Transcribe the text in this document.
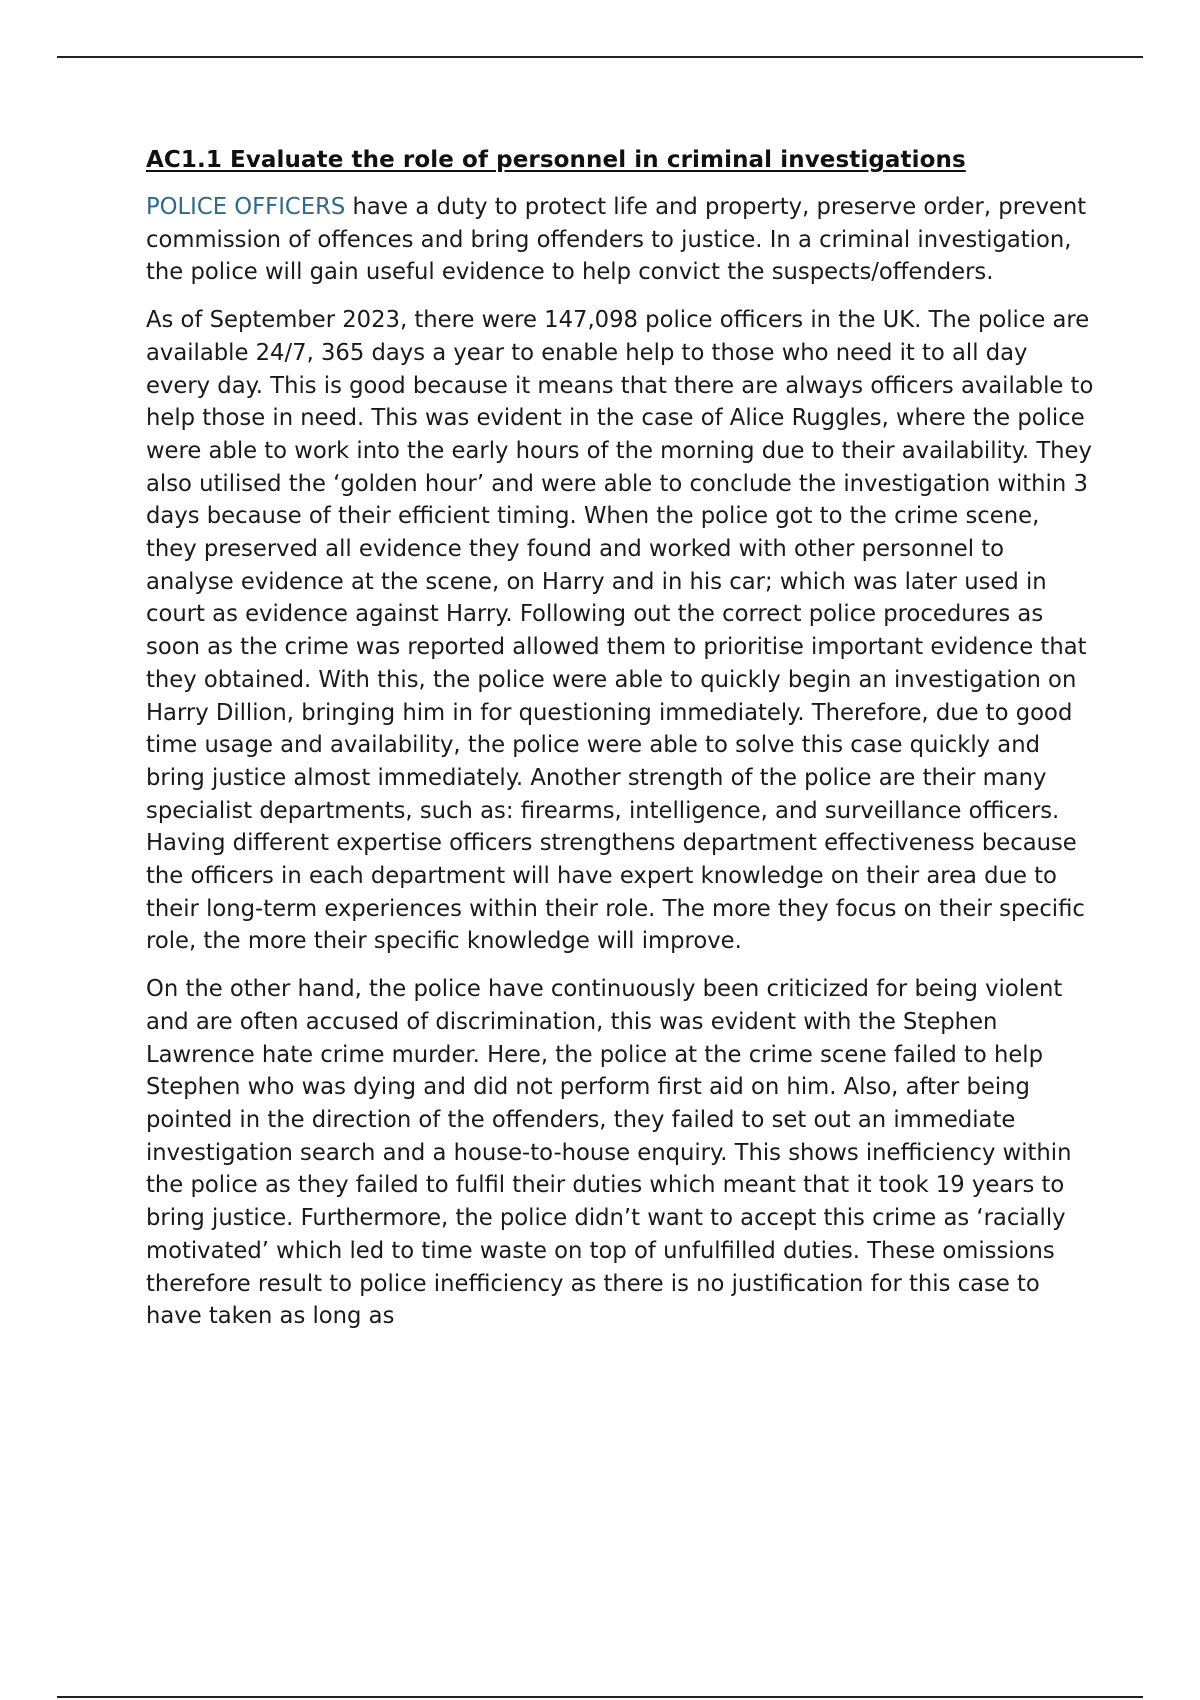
AC1.1 Evaluate the role of personnel in criminal investigations

POLICE OFFICERS have a duty to protect life and property, preserve order, prevent commission of offences and bring offenders to justice. In a criminal investigation, the police will gain useful evidence to help convict the suspects/offenders.

As of September 2023, there were 147,098 police officers in the UK. The police are available 24/7, 365 days a year to enable help to those who need it to all day every day. This is good because it means that there are always officers available to help those in need. This was evident in the case of Alice Ruggles, where the police were able to work into the early hours of the morning due to their availability. They also utilised the ‘golden hour’ and were able to conclude the investigation within 3 days because of their efficient timing. When the police got to the crime scene, they preserved all evidence they found and worked with other personnel to analyse evidence at the scene, on Harry and in his car; which was later used in court as evidence against Harry. Following out the correct police procedures as soon as the crime was reported allowed them to prioritise important evidence that they obtained. With this, the police were able to quickly begin an investigation on Harry Dillion, bringing him in for questioning immediately. Therefore, due to good time usage and availability, the police were able to solve this case quickly and bring justice almost immediately. Another strength of the police are their many specialist departments, such as: firearms, intelligence, and surveillance officers. Having different expertise officers strengthens department effectiveness because the officers in each department will have expert knowledge on their area due to their long-term experiences within their role. The more they focus on their specific role, the more their specific knowledge will improve.

On the other hand, the police have continuously been criticized for being violent and are often accused of discrimination, this was evident with the Stephen Lawrence hate crime murder. Here, the police at the crime scene failed to help Stephen who was dying and did not perform first aid on him. Also, after being pointed in the direction of the offenders, they failed to set out an immediate investigation search and a house-to-house enquiry. This shows inefficiency within the police as they failed to fulfil their duties which meant that it took 19 years to bring justice. Furthermore, the police didn’t want to accept this crime as ‘racially motivated’ which led to time waste on top of unfulfilled duties. These omissions therefore result to police inefficiency as there is no justification for this case to have taken as long as
